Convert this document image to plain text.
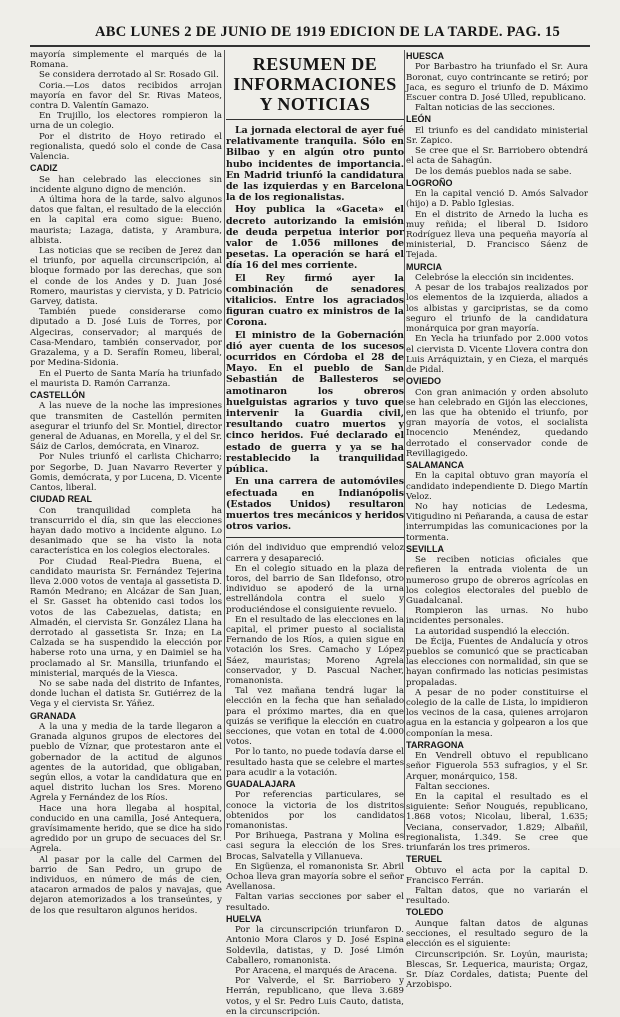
ABC LUNES 2 DE JUNIO DE 1919 EDICION DE LA TARDE. PAG. 15

mayoría simplemente el marqués de la Romana.

Se considera derrotado al Sr. Rosado Gil.

Coria.—Los datos recibidos arrojan mayoría en favor del Sr. Rivas Mateos, contra D. Valentín Gamazo.

En Trujillo, los electores rompieron la urna de un colegio.

Por el distrito de Hoyo retirado el regionalista, quedó solo el conde de Casa Valencia.

CADIZ

Se han celebrado las elecciones sin incidente alguno digno de mención.

A última hora de la tarde, salvo algunos datos que faltan, el resultado de la elección en la capital era como sigue: Bueno, maurista; Lazaga, datista, y Arambura, albista.

Las noticias que se reciben de Jerez dan el triunfo, por aquella circunscripción, al bloque formado por las derechas, que son el conde de los Andes y D. Juan José Romero, mauristas y ciervista, y D. Patricio Garvey, datista.

También puede considerarse como diputado a D. José Luis de Torres, por Algeciras, conservador; al marqués de Casa-Mendaro, también conservador, por Grazalema, y a D. Serafín Romeu, liberal, por Medina-Sidonia.

En el Puerto de Santa María ha triunfado el maurista D. Ramón Carranza.

CASTELLÓN

A las nueve de la noche las impresiones que transmiten de Castellón permiten asegurar el triunfo del Sr. Montiel, director general de Aduanas, en Morella, y el del Sr. Sáiz de Carlos, demócrata, en Vinaroz.

Por Nules triunfó el carlista Chicharro; por Segorbe, D. Juan Navarro Reverter y Gomis, demócrata, y por Lucena, D. Vicente Cantos, liberal.

CIUDAD REAL

Con tranquilidad completa ha transcurrido el día, sin que las elecciones hayan dado motivo a incidente alguno. Lo desanimado que se ha visto la nota característica en los colegios electorales.

Por Ciudad Real-Piedra Buena, el candidato maurista Sr. Fernández Tejerina lleva 2.000 votos de ventaja al gassetista D. Ramón Medrano; en Alcázar de San Juan, el Sr. Gasset ha obtenido casi todos los votos de las Cabezuelas, datista; en Almadén, el ciervista Sr. González Llana ha derrotado al gassetista Sr. Inza; en La Calzada se ha suspendido la elección por haberse roto una urna, y en Daimiel se ha proclamado al Sr. Mansilla, triunfando el ministerial, marqués de la Viesca.

No se sabe nada del distrito de Infantes, donde luchan el datista Sr. Gutiérrez de la Vega y el ciervista Sr. Yáñez.

GRANADA

A la una y media de la tarde llegaron a Granada algunos grupos de electores del pueblo de Víznar, que protestaron ante el gobernador de la actitud de algunos agentes de la autoridad, que obligaban, según ellos, a votar la candidatura que en aquel distrito luchan los Sres. Moreno Agrela y Fernández de los Ríos.

Hace una hora llegaba al hospital, conducido en una camilla, José Antequera, gravísimamente herido, que se dice ha sido agredido por un grupo de secuaces del Sr. Agrela.

Al pasar por la calle del Carmen del barrio de San Pedro, un grupo de individuos, en número de más de cien, atacaron armados de palos y navajas, que dejaron atemorizados a los transeúntes, y de los que resultaron algunos heridos.

RESUMEN DE INFORMACIONES Y NOTICIAS

La jornada electoral de ayer fué relativamente tranquila. Sólo en Bilbao y en algún otro punto hubo incidentes de importancia. En Madrid triunfó la candidatura de las izquierdas y en Barcelona la de los regionalistas.

Hoy publica la «Gaceta» el decreto autorizando la emisión de deuda perpetua interior por valor de 1.056 millones de pesetas. La operación se hará el día 16 del mes corriente.

El Rey firmó ayer la combinación de senadores vitalicios. Entre los agraciados figuran cuatro ex ministros de la Corona.

El ministro de la Gobernación dió ayer cuenta de los sucesos ocurridos en Córdoba el 28 de Mayo. En el pueblo de San Sebastián de Ballesteros se amotinaron los obreros huelguistas agrarios y tuvo que intervenir la Guardia civil, resultando cuatro muertos y cinco heridos. Fué declarado el estado de guerra y ya se ha restablecido la tranquilidad pública.

En una carrera de automóviles efectuada en Indianópolis (Estados Unidos) resultaron muertos tres mecánicos y heridos otros varios.

ción del individuo que emprendió veloz carrera y desapareció.

En el colegio situado en la plaza de toros, del barrio de San Ildefonso, otro individuo se apoderó de la urna estrellándola contra el suelo y produciéndose el consiguiente revuelo.

En el resultado de las elecciones en la capital, el primer puesto al socialista Fernando de los Ríos, a quien sigue en votación los Sres. Camacho y López Sáez, mauristas; Moreno Agrela conservador, y D. Pascual Nacher, romanonista.

Tal vez mañana tendrá lugar la elección en la fecha que han señalado para el próximo martes, dia en que quizás se verifique la elección en cuatro secciones, que votan en total de 4.000 votos.

Por lo tanto, no puede todavía darse el resultado hasta que se celebre el martes para acudir a la votación.

GUADALAJARA

Por referencias particulares, se conoce la victoria de los distritos obtenidos por los candidatos romanonistas.

Por Brihuega, Pastrana y Molina es casi segura la elección de los Sres. Brocas, Salvatella y Villanueva.

En Sigüenza, el romanonista Sr. Abril Ochoa lleva gran mayoría sobre el señor Avellanosa.

Faltan varias secciones por saber el resultado.

HUELVA

Por la circunscripción triunfaron D. Antonio Mora Claros y D. José Espina Soldevila, datistas, y D. José Limón Caballero, romanonista.

Por Aracena, el marqués de Aracena.

Por Valverde, el Sr. Barriobero y Herrán, republicano, que lleva 3.689 votos, y el Sr. Pedro Luis Cauto, datista, en la circunscripción.

HUESCA

Por Barbastro ha triunfado el Sr. Aura Boronat, cuyo contrincante se retiró; por Jaca, es seguro el triunfo de D. Máximo Escuer contra D. José Ulled, republicano.

Faltan noticias de las secciones.

LEÓN

El triunfo es del candidato ministerial Sr. Zapico.

Se cree que el Sr. Barriobero obtendrá el acta de Sahagún.

De los demás pueblos nada se sabe.

LOGROÑO

En la capital venció D. Amós Salvador (hijo) a D. Pablo Iglesias.

En el distrito de Arnedo la lucha es muy reñida; el liberal D. Isidoro Rodríguez lleva una pequeña mayoría al ministerial, D. Francisco Sáenz de Tejada.

MURCIA

Celebróse la elección sin incidentes.

A pesar de los trabajos realizados por los elementos de la izquierda, aliados a los albistas y garcipristas, se da como seguro el triunfo de la candidatura monárquica por gran mayoría.

En Yecla ha triunfado por 2.000 votos el ciervista D. Vicente Llovera contra don Luis Arráquiztain, y en Cieza, el marqués de Pidal.

OVIEDO

Con gran animación y orden absoluto se han celebrado en Gijón las elecciones, en las que ha obtenido el triunfo, por gran mayoría de votos, el socialista Inocencio Menéndez, quedando derrotado el conservador conde de Revillagigedo.

SALAMANCA

En la capital obtuvo gran mayoría el candidato independiente D. Diego Martín Veloz.

No hay noticias de Ledesma, Vitigudino ni Peñaranda, a causa de estar interrumpidas las comunicaciones por la tormenta.

SEVILLA

Se reciben noticias oficiales que refieren la entrada violenta de un numeroso grupo de obreros agrícolas en los colegios electorales del pueblo de Guadalcanal.

Rompieron las urnas. No hubo incidentes personales.

La autoridad suspendió la elección.

De Écija, Fuentes de Andalucía y otros pueblos se comunicó que se practicaban las elecciones con normalidad, sin que se hayan confirmado las noticias pesimistas propaladas.

A pesar de no poder constituirse el colegio de la calle de Lista, lo impidieron los vecinos de la casa, quienes arrojaron agua en la estancia y golpearon a los que componían la mesa.

TARRAGONA

En Vendrell obtuvo el republicano señor Figuerola 553 sufragios, y el Sr. Arquer, monárquico, 158.

Faltan secciones.

En la capital el resultado es el siguiente: Señor Nougués, republicano, 1.868 votos; Nicolau, liberal, 1.635; Veciana, conservador, 1.829; Albañil, regionalista, 1.349. Se cree que triunfarán los tres primeros.

TERUEL

Obtuvo el acta por la capital D. Francisco Ferrán.

Faltan datos, que no variarán el resultado.

TOLEDO

Aunque faltan datos de algunas secciones, el resultado seguro de la elección es el siguiente:

Circunscripción. Sr. Loyún, maurista; Blescas, Sr. Lequerica, maurista; Orgaz, Sr. Díaz Cordales, datista; Puente del Arzobispo.
